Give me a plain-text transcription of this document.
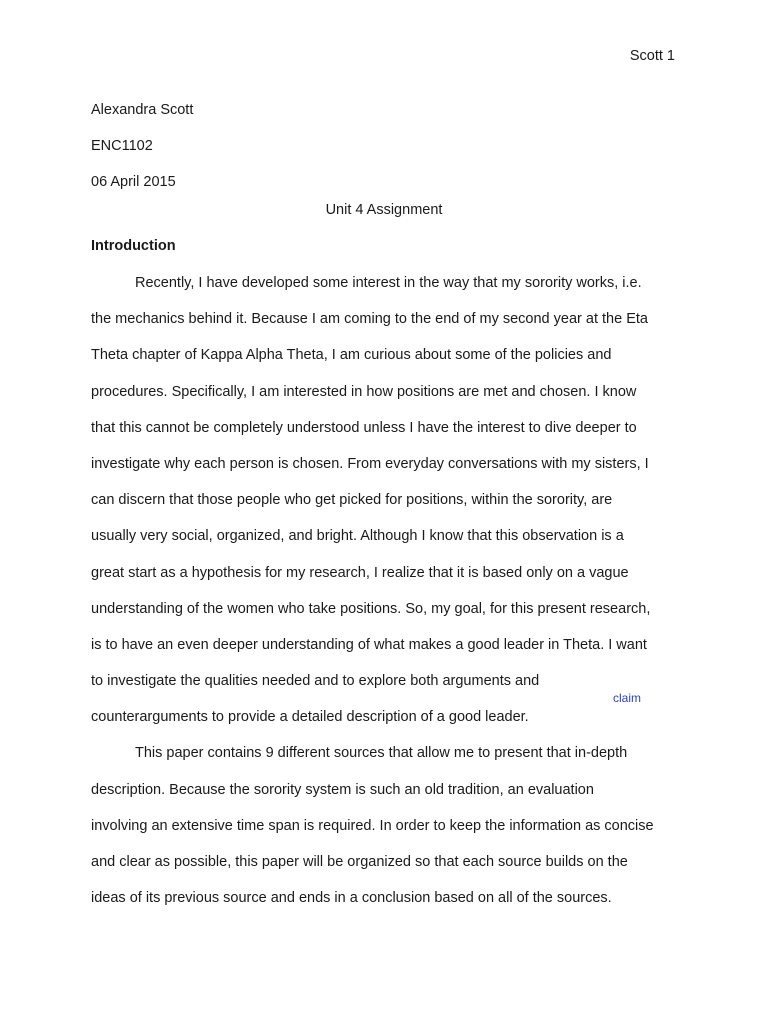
Scott 1
Alexandra Scott
ENC1102
06 April 2015
Unit 4 Assignment
Introduction
Recently, I have developed some interest in the way that my sorority works, i.e.
the mechanics behind it. Because I am coming to the end of my second year at the Eta
Theta chapter of Kappa Alpha Theta, I am curious about some of the policies and
procedures. Specifically, I am interested in how positions are met and chosen. I know
that this cannot be completely understood unless I have the interest to dive deeper to
investigate why each person is chosen. From everyday conversations with my sisters, I
can discern that those people who get picked for positions, within the sorority, are
usually very social, organized, and bright. Although I know that this observation is a
great start as a hypothesis for my research, I realize that it is based only on a vague
understanding of the women who take positions. So, my goal, for this present research,
is to have an even deeper understanding of what makes a good leader in Theta. I want
to investigate the qualities needed and to explore both arguments and
counterarguments to provide a detailed description of a good leader.
This paper contains 9 different sources that allow me to present that in-depth
description. Because the sorority system is such an old tradition, an evaluation
involving an extensive time span is required. In order to keep the information as concise
and clear as possible, this paper will be organized so that each source builds on the
ideas of its previous source and ends in a conclusion based on all of the sources.
claim
